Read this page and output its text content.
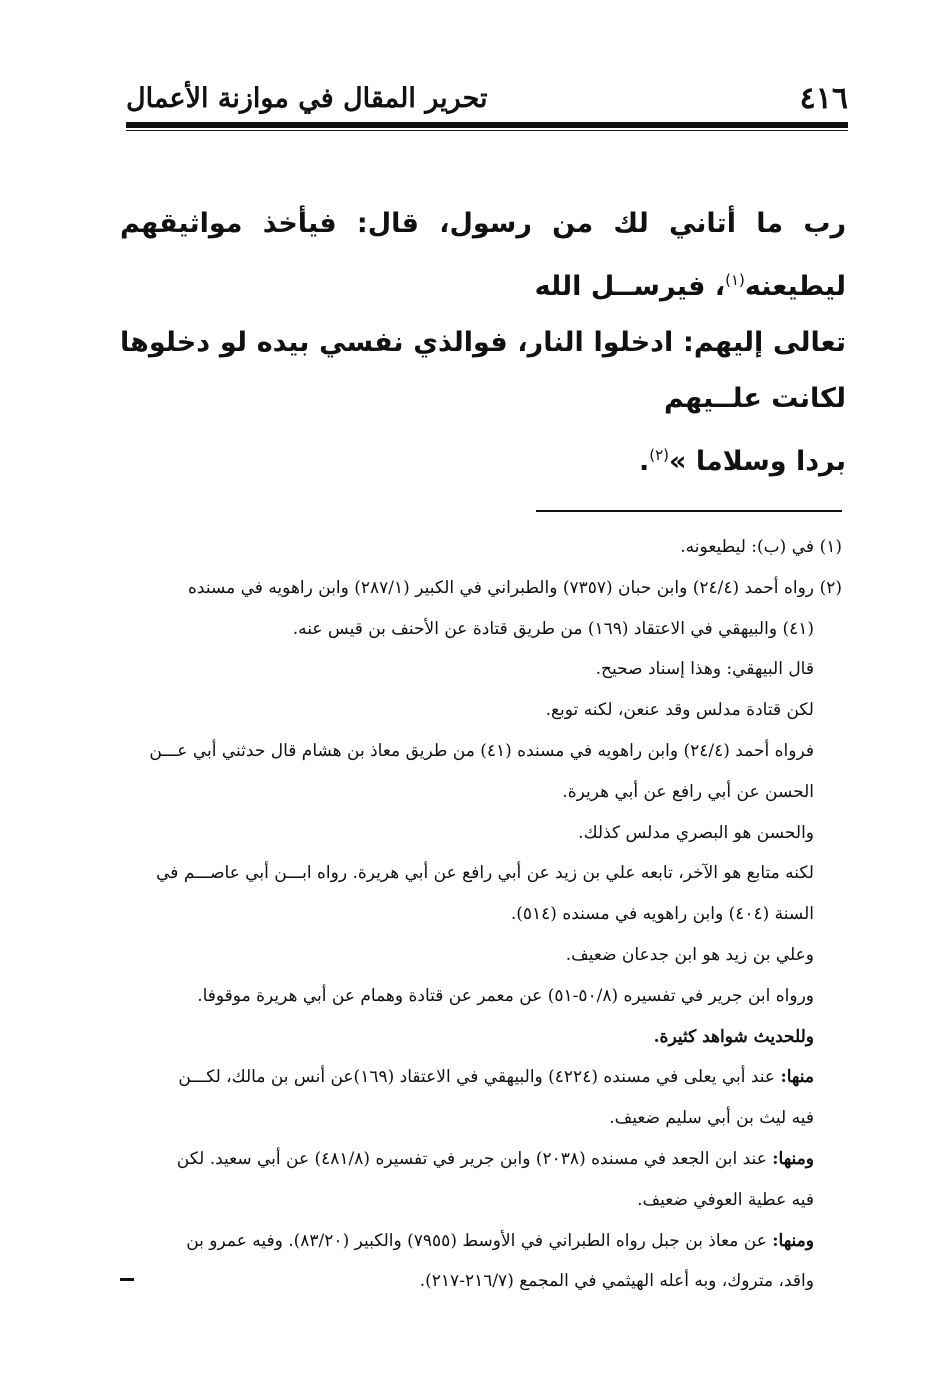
٤١٦
تحرير المقال في موازنة الأعمال

رب ما أتاني لك من رسول، قال: فيأخذ مواثيقهم ليطيعنه$^{(١)}$، فيرســل الله

تعالى إليهم: ادخلوا النار، فوالذي نفسي بيده لو دخلوها لكانت علــيهم

بردا وسلاما »$^{(٢)}$.

(١)في (ب): ليطيعونه.

(٢)رواه أحمد (٢٤/٤) وابن حبان (٧٣٥٧) والطبراني في الكبير (٢٨٧/١) وابن راهويه في مسنده

(٤١) والبيهقي في الاعتقاد (١٦٩) من طريق قتادة عن الأحنف بن قيس عنه.

قال البيهقي: وهذا إسناد صحيح.

لكن قتادة مدلس وقد عنعن، لكنه توبع.

فرواه أحمد (٢٤/٤) وابن راهويه في مسنده (٤١) من طريق معاذ بن هشام قال حدثني أبي عـــن

الحسن عن أبي رافع عن أبي هريرة.

والحسن هو البصري مدلس كذلك.

لكنه متابع هو الآخر، تابعه علي بن زيد عن أبي رافع عن أبي هريرة. رواه ابـــن أبي عاصـــم في

السنة (٤٠٤) وابن راهويه في مسنده (٥١٤).

وعلي بن زيد هو ابن جدعان ضعيف.

ورواه ابن جرير في تفسيره (٥٠/٨-٥١) عن معمر عن قتادة وهمام عن أبي هريرة موقوفا.

وللحديث شواهد كثيرة.

منها: عند أبي يعلى في مسنده (٤٢٢٤) والبيهقي في الاعتقاد (١٦٩)عن أنس بن مالك، لكـــن

فيه ليث بن أبي سليم ضعيف.

ومنها: عند ابن الجعد في مسنده (٢٠٣٨) وابن جرير في تفسيره (٤٨١/٨) عن أبي سعيد. لكن

فيه عطية العوفي ضعيف.

ومنها: عن معاذ بن جبل رواه الطبراني في الأوسط (٧٩٥٥) والكبير (٨٣/٢٠). وفيه عمرو بن

واقد، متروك، وبه أعله الهيثمي في المجمع (٢١٦/٧-٢١٧).
